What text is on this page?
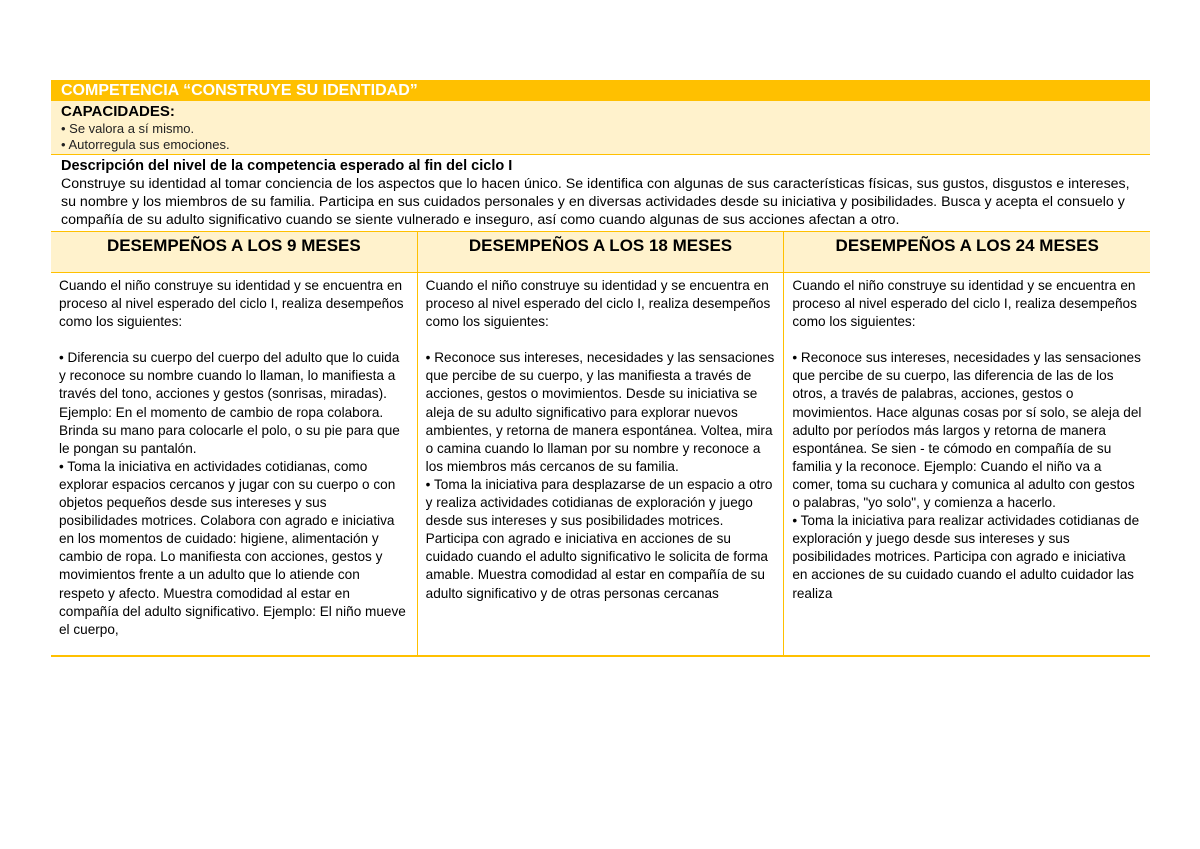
COMPETENCIA “CONSTRUYE SU IDENTIDAD”
CAPACIDADES:
• Se valora a sí mismo.
• Autorregula sus emociones.
Descripción del nivel de la competencia esperado al fin del ciclo I
Construye su identidad al tomar conciencia de los aspectos que lo hacen único. Se identifica con algunas de sus características físicas, sus gustos, disgustos e intereses, su nombre y los miembros de su familia. Participa en sus cuidados personales y en diversas actividades desde su iniciativa y posibilidades. Busca y acepta el consuelo y compañía de su adulto significativo cuando se siente vulnerado e inseguro, así como cuando algunas de sus acciones afectan a otro.
DESEMPEÑOS A LOS 9 MESES	DESEMPEÑOS A LOS 18 MESES	DESEMPEÑOS A LOS 24 MESES

Cuando el niño construye su identidad y se encuentra en proceso al nivel esperado del ciclo I, realiza desempeños como los siguientes:

• Diferencia su cuerpo del cuerpo del adulto que lo cuida y reconoce su nombre cuando lo llaman, lo manifiesta a través del tono, acciones y gestos (sonrisas, miradas). Ejemplo: En el momento de cambio de ropa colabora. Brinda su mano para colocarle el polo, o su pie para que le pongan su pantalón.

• Toma la iniciativa en actividades cotidianas, como explorar espacios cercanos y jugar con su cuerpo o con objetos pequeños desde sus intereses y sus posibilidades motrices. Colabora con agrado e iniciativa en los momentos de cuidado: higiene, alimentación y cambio de ropa. Lo manifiesta con acciones, gestos y movimientos frente a un adulto que lo atiende con respeto y afecto. Muestra comodidad al estar en compañía del adulto significativo. Ejemplo: El niño mueve el cuerpo,

Cuando el niño construye su identidad y se encuentra en proceso al nivel esperado del ciclo I, realiza desempeños como los siguientes:

• Reconoce sus intereses, necesidades y las sensaciones que percibe de su cuerpo, y las manifiesta a través de acciones, gestos o movimientos. Desde su iniciativa se aleja de su adulto significativo para explorar nuevos ambientes, y retorna de manera espontánea. Voltea, mira o camina cuando lo llaman por su nombre y reconoce a los miembros más cercanos de su familia.

• Toma la iniciativa para desplazarse de un espacio a otro y realiza actividades cotidianas de exploración y juego desde sus intereses y sus posibilidades motrices. Participa con agrado e iniciativa en acciones de su cuidado cuando el adulto significativo le solicita de forma amable. Muestra comodidad al estar en compañía de su adulto significativo y de otras personas cercanas

Cuando el niño construye su identidad y se encuentra en proceso al nivel esperado del ciclo I, realiza desempeños como los siguientes:

• Reconoce sus intereses, necesidades y las sensaciones que percibe de su cuerpo, las diferencia de las de los otros, a través de palabras, acciones, gestos o movimientos. Hace algunas cosas por sí solo, se aleja del adulto por períodos más largos y retorna de manera espontánea. Se sien - te cómodo en compañía de su familia y la reconoce. Ejemplo: Cuando el niño va a comer, toma su cuchara y comunica al adulto con gestos o palabras, "yo solo", y comienza a hacerlo.

• Toma la iniciativa para realizar actividades cotidianas de exploración y juego desde sus intereses y sus posibilidades motrices. Participa con agrado e iniciativa en acciones de su cuidado cuando el adulto cuidador las realiza
